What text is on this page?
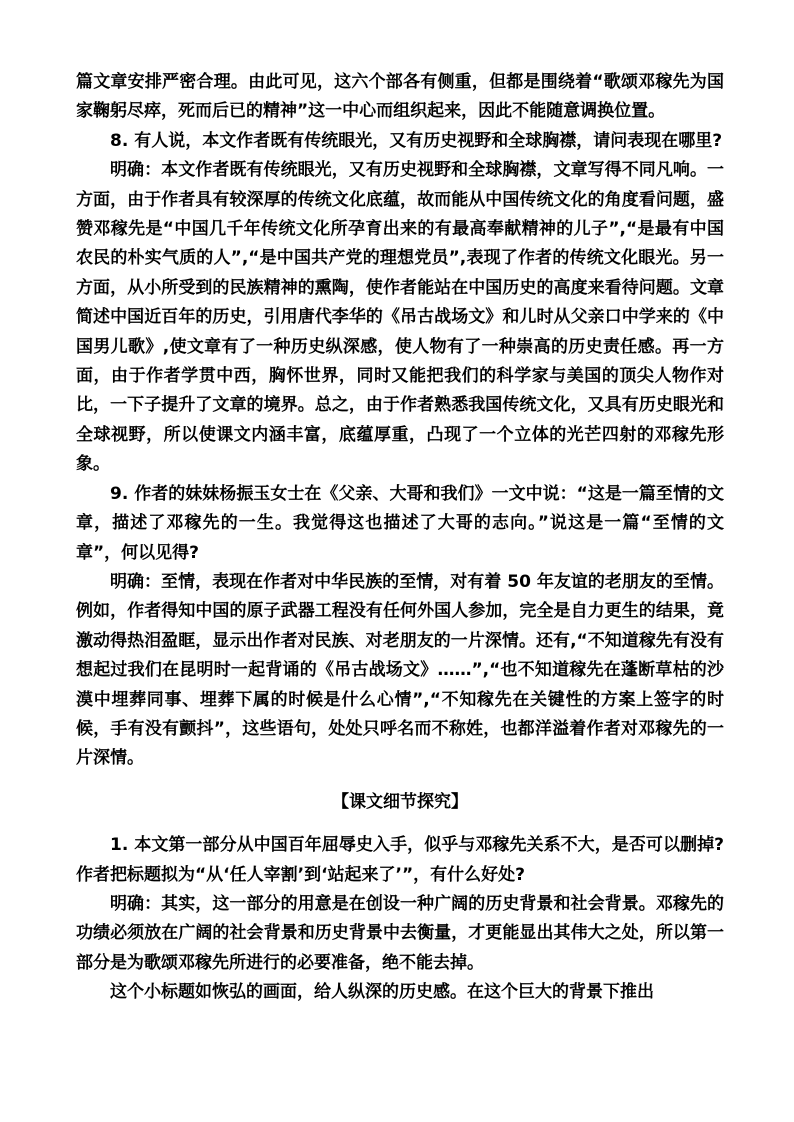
篇文章安排严密合理。由此可见，这六个部各有侧重，但都是围绕着“歌颂邓稼先为国家鞠躬尽瘁，死而后已的精神”这一中心而组织起来，因此不能随意调换位置。

8. 有人说，本文作者既有传统眼光，又有历史视野和全球胸襟，请问表现在哪里?

明确：本文作者既有传统眼光，又有历史视野和全球胸襟，文章写得不同凡响。一方面，由于作者具有较深厚的传统文化底蕴，故而能从中国传统文化的角度看问题，盛赞邓稼先是“中国几千年传统文化所孕育出来的有最高奉献精神的儿子”,“是最有中国农民的朴实气质的人”,“是中国共产党的理想党员”,表现了作者的传统文化眼光。另一方面，从小所受到的民族精神的熏陶，使作者能站在中国历史的高度来看待问题。文章简述中国近百年的历史，引用唐代李华的《吊古战场文》和儿时从父亲口中学来的《中国男儿歌》,使文章有了一种历史纵深感，使人物有了一种崇高的历史责任感。再一方面，由于作者学贯中西，胸怀世界，同时又能把我们的科学家与美国的顶尖人物作对比，一下子提升了文章的境界。总之，由于作者熟悉我国传统文化，又具有历史眼光和全球视野，所以使课文内涵丰富，底蕴厚重，凸现了一个立体的光芒四射的邓稼先形象。

9. 作者的妹妹杨振玉女士在《父亲、大哥和我们》一文中说：“这是一篇至情的文章，描述了邓稼先的一生。我觉得这也描述了大哥的志向。”说这是一篇“至情的文章”，何以见得?

明确：至情，表现在作者对中华民族的至情，对有着 50 年友谊的老朋友的至情。例如，作者得知中国的原子武器工程没有任何外国人参加，完全是自力更生的结果，竟激动得热泪盈眶，显示出作者对民族、对老朋友的一片深情。还有,“不知道稼先有没有想起过我们在昆明时一起背诵的《吊古战场文》……”,“也不知道稼先在蓬断草枯的沙漠中埋葬同事、埋葬下属的时候是什么心情”,“不知稼先在关键性的方案上签字的时候，手有没有颤抖”，这些语句，处处只呼名而不称姓，也都洋溢着作者对邓稼先的一片深情。

【课文细节探究】

1. 本文第一部分从中国百年屈辱史入手，似乎与邓稼先关系不大，是否可以删掉?作者把标题拟为“从‘任人宰割’到‘站起来了’”，有什么好处?

明确：其实，这一部分的用意是在创设一种广阔的历史背景和社会背景。邓稼先的功绩必须放在广阔的社会背景和历史背景中去衡量，才更能显出其伟大之处，所以第一部分是为歌颂邓稼先所进行的必要准备，绝不能去掉。

这个小标题如恢弘的画面，给人纵深的历史感。在这个巨大的背景下推出
